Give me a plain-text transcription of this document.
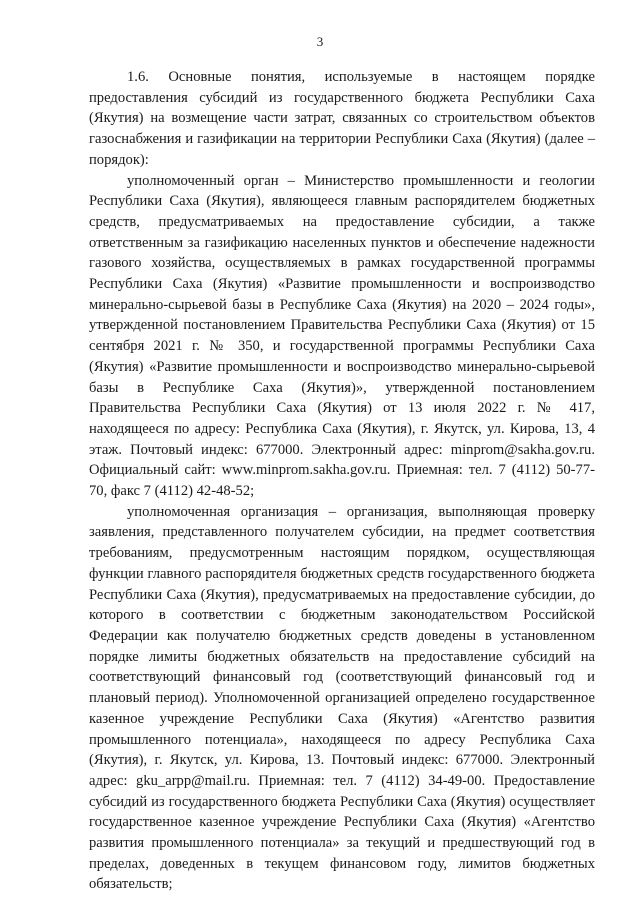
3

1.6. Основные понятия, используемые в настоящем порядке предоставления субсидий из государственного бюджета Республики Саха (Якутия) на возмещение части затрат, связанных со строительством объектов газоснабжения и газификации на территории Республики Саха (Якутия) (далее – порядок):

уполномоченный орган – Министерство промышленности и геологии Республики Саха (Якутия), являющееся главным распорядителем бюджетных средств, предусматриваемых на предоставление субсидии, а также ответственным за газификацию населенных пунктов и обеспечение надежности газового хозяйства, осуществляемых в рамках государственной программы Республики Саха (Якутия) «Развитие промышленности и воспроизводство минерально-сырьевой базы в Республике Саха (Якутия) на 2020 – 2024 годы», утвержденной постановлением Правительства Республики Саха (Якутия) от 15 сентября 2021 г. № 350, и государственной программы Республики Саха (Якутия) «Развитие промышленности и воспроизводство минерально-сырьевой базы в Республике Саха (Якутия)», утвержденной постановлением Правительства Республики Саха (Якутия) от 13 июля 2022 г. № 417, находящееся по адресу: Республика Саха (Якутия), г. Якутск, ул. Кирова, 13, 4 этаж. Почтовый индекс: 677000. Электронный адрес: minprom@sakha.gov.ru. Официальный сайт: www.minprom.sakha.gov.ru. Приемная: тел. 7 (4112) 50-77-70, факс 7 (4112) 42-48-52;

уполномоченная организация – организация, выполняющая проверку заявления, представленного получателем субсидии, на предмет соответствия требованиям, предусмотренным настоящим порядком, осуществляющая функции главного распорядителя бюджетных средств государственного бюджета Республики Саха (Якутия), предусматриваемых на предоставление субсидии, до которого в соответствии с бюджетным законодательством Российской Федерации как получателю бюджетных средств доведены в установленном порядке лимиты бюджетных обязательств на предоставление субсидий на соответствующий финансовый год (соответствующий финансовый год и плановый период). Уполномоченной организацией определено государственное казенное учреждение Республики Саха (Якутия) «Агентство развития промышленного потенциала», находящееся по адресу Республика Саха (Якутия), г. Якутск, ул. Кирова, 13. Почтовый индекс: 677000. Электронный адрес: gku_arpp@mail.ru. Приемная: тел. 7 (4112) 34-49-00. Предоставление субсидий из государственного бюджета Республики Саха (Якутия) осуществляет государственное казенное учреждение Республики Саха (Якутия) «Агентство развития промышленного потенциала» за текущий и предшествующий год в пределах, доведенных в текущем финансовом году, лимитов бюджетных обязательств;
